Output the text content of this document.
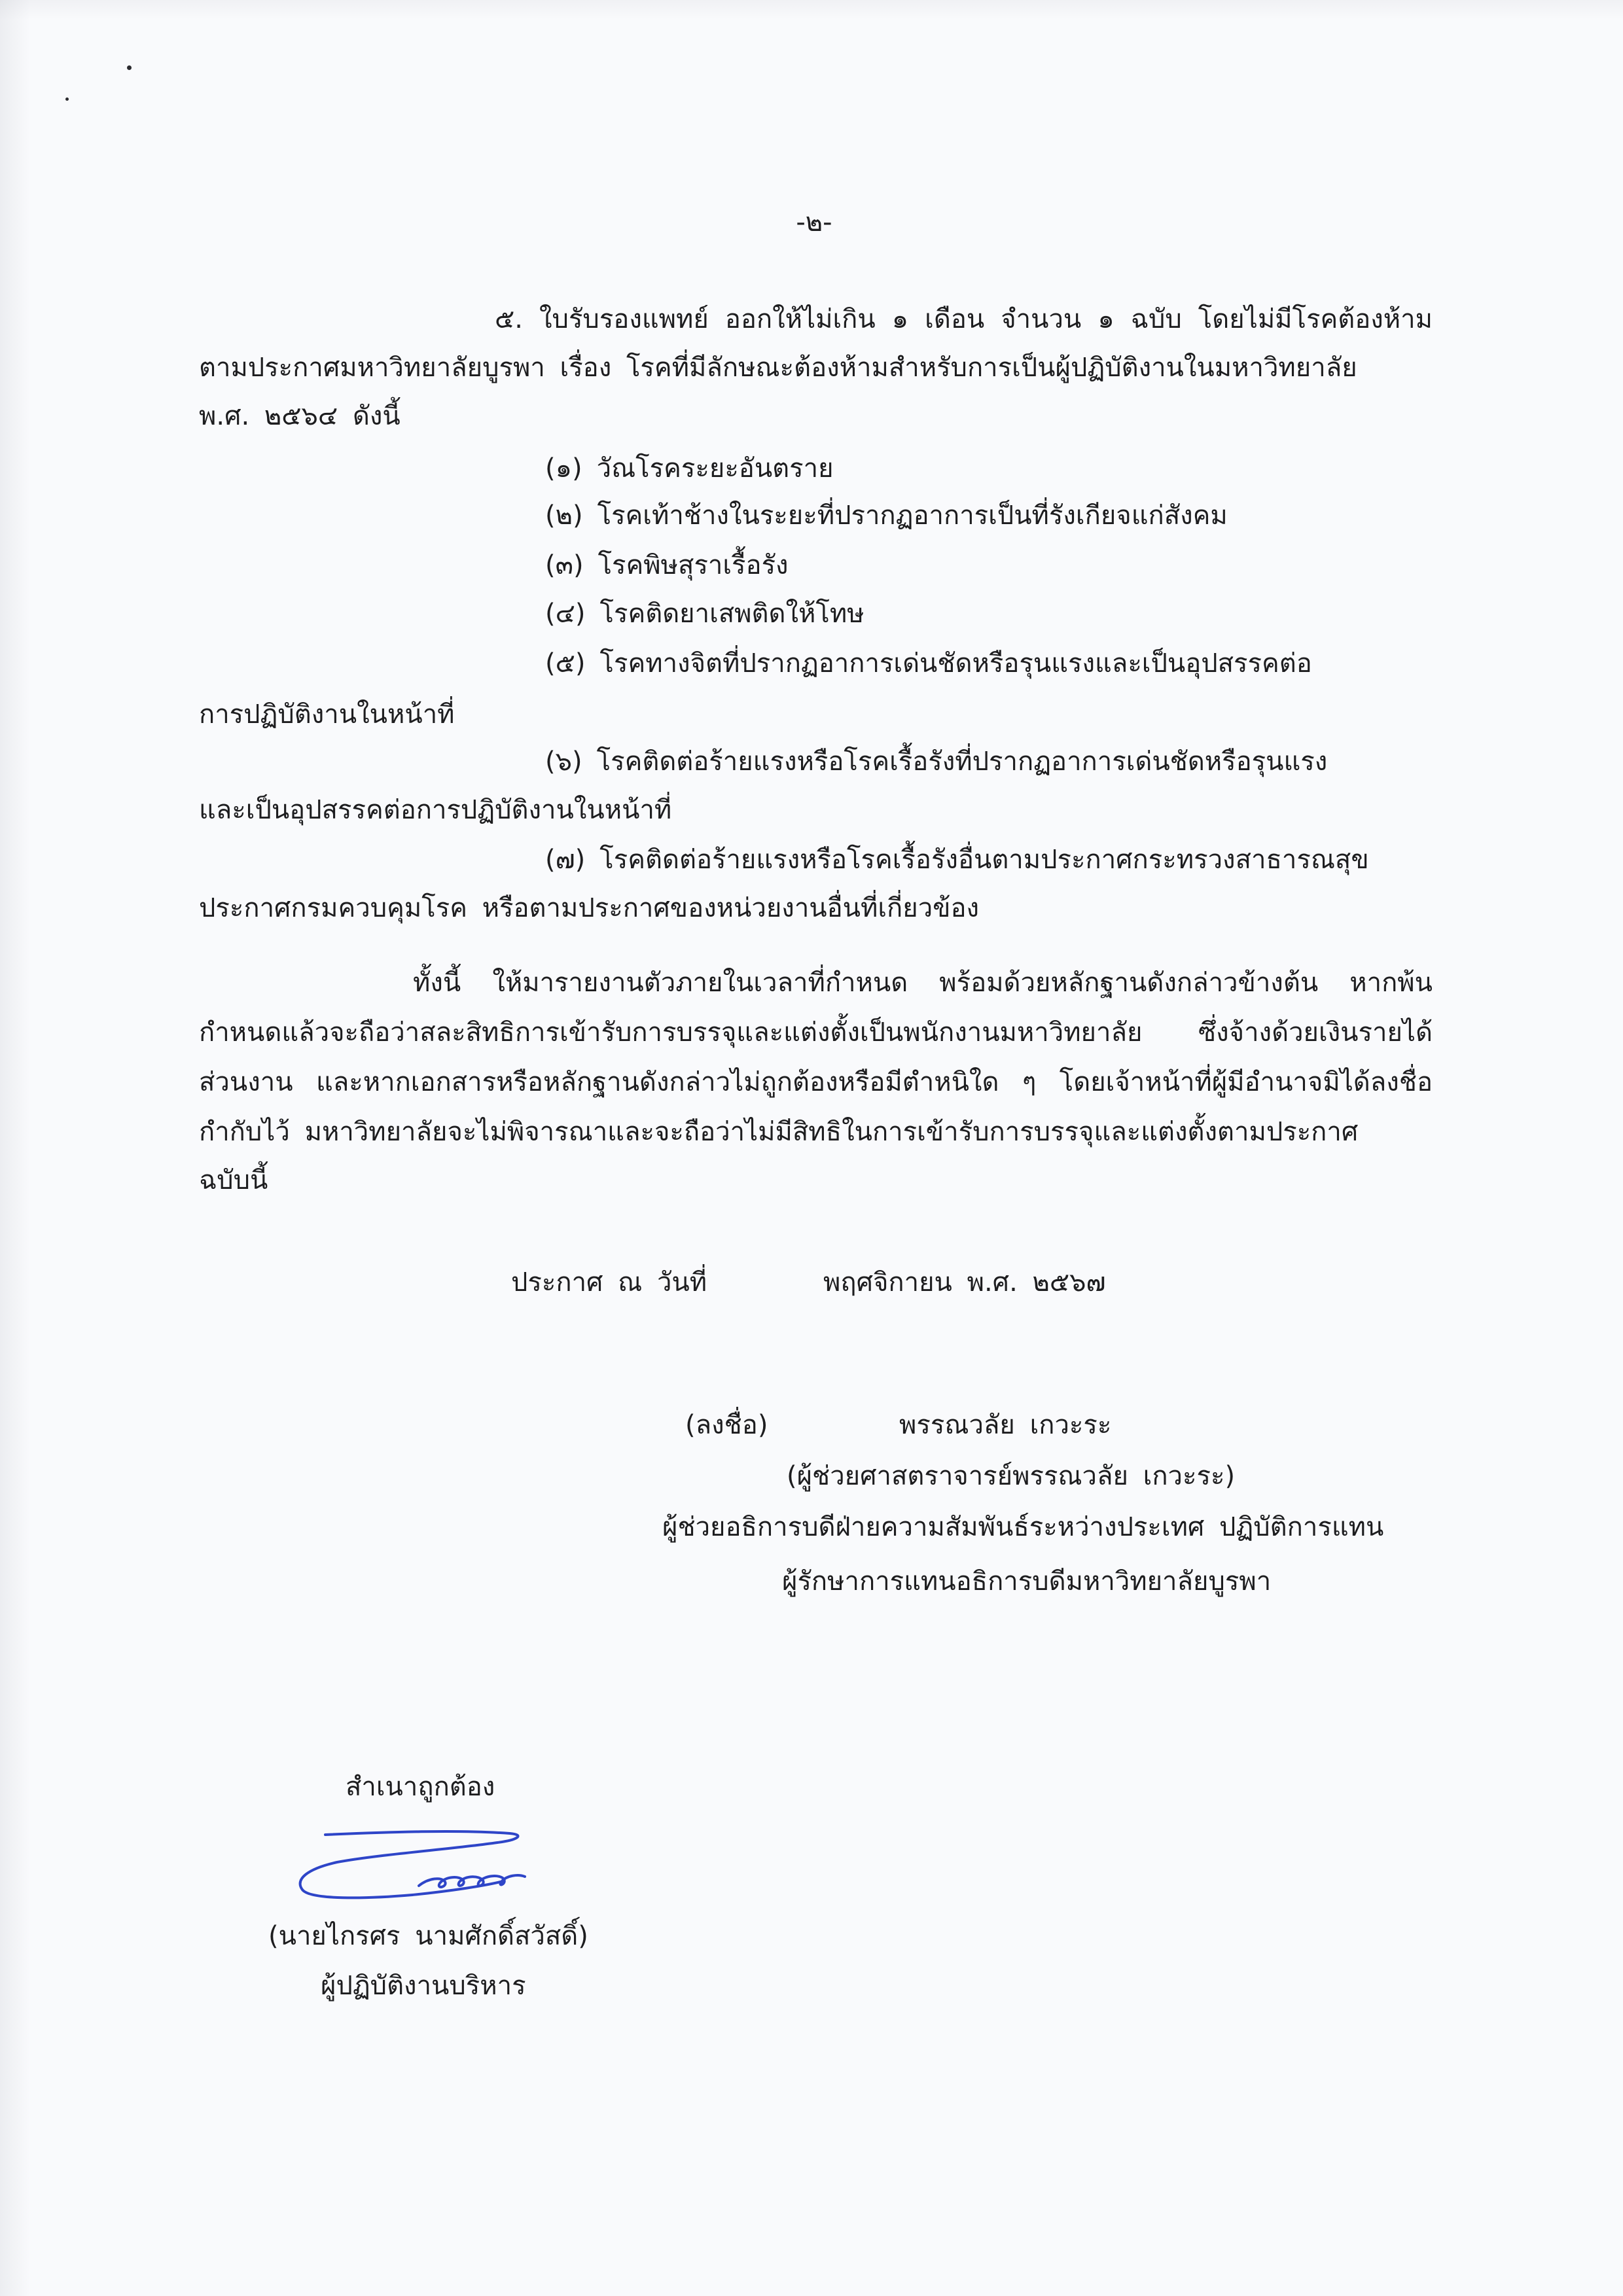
-๒-
๕. ใบรับรองแพทย์ ออกให้ไม่เกิน ๑ เดือน จำนวน ๑ ฉบับ โดยไม่มีโรคต้องห้าม
ตามประกาศมหาวิทยาลัยบูรพา เรื่อง โรคที่มีลักษณะต้องห้ามสำหรับการเป็นผู้ปฏิบัติงานในมหาวิทยาลัย
พ.ศ. ๒๕๖๔ ดังนี้
(๑) วัณโรคระยะอันตราย
(๒) โรคเท้าช้างในระยะที่ปรากฏอาการเป็นที่รังเกียจแก่สังคม
(๓) โรคพิษสุราเรื้อรัง
(๔) โรคติดยาเสพติดให้โทษ
(๕) โรคทางจิตที่ปรากฏอาการเด่นชัดหรือรุนแรงและเป็นอุปสรรคต่อ
การปฏิบัติงานในหน้าที่
(๖) โรคติดต่อร้ายแรงหรือโรคเรื้อรังที่ปรากฏอาการเด่นชัดหรือรุนแรง
และเป็นอุปสรรคต่อการปฏิบัติงานในหน้าที่
(๗) โรคติดต่อร้ายแรงหรือโรคเรื้อรังอื่นตามประกาศกระทรวงสาธารณสุข
ประกาศกรมควบคุมโรค หรือตามประกาศของหน่วยงานอื่นที่เกี่ยวข้อง
ทั้งนี้ ให้มารายงานตัวภายในเวลาที่กำหนด พร้อมด้วยหลักฐานดังกล่าวข้างต้น หากพ้น
กำหนดแล้วจะถือว่าสละสิทธิการเข้ารับการบรรจุและแต่งตั้งเป็นพนักงานมหาวิทยาลัย ซึ่งจ้างด้วยเงินรายได้
ส่วนงาน และหากเอกสารหรือหลักฐานดังกล่าวไม่ถูกต้องหรือมีตำหนิใด ๆ โดยเจ้าหน้าที่ผู้มีอำนาจมิได้ลงชื่อ
กำกับไว้ มหาวิทยาลัยจะไม่พิจารณาและจะถือว่าไม่มีสิทธิในการเข้ารับการบรรจุและแต่งตั้งตามประกาศ
ฉบับนี้
ประกาศ ณ วันที่	พฤศจิกายน พ.ศ. ๒๕๖๗
(ลงชื่อ)	พรรณวลัย เกวะระ
(ผู้ช่วยศาสตราจารย์พรรณวลัย เกวะระ)
ผู้ช่วยอธิการบดีฝ่ายความสัมพันธ์ระหว่างประเทศ ปฏิบัติการแทน
ผู้รักษาการแทนอธิการบดีมหาวิทยาลัยบูรพา
สำเนาถูกต้อง
(นายไกรศร นามศักดิ์สวัสดิ์)
ผู้ปฏิบัติงานบริหาร
